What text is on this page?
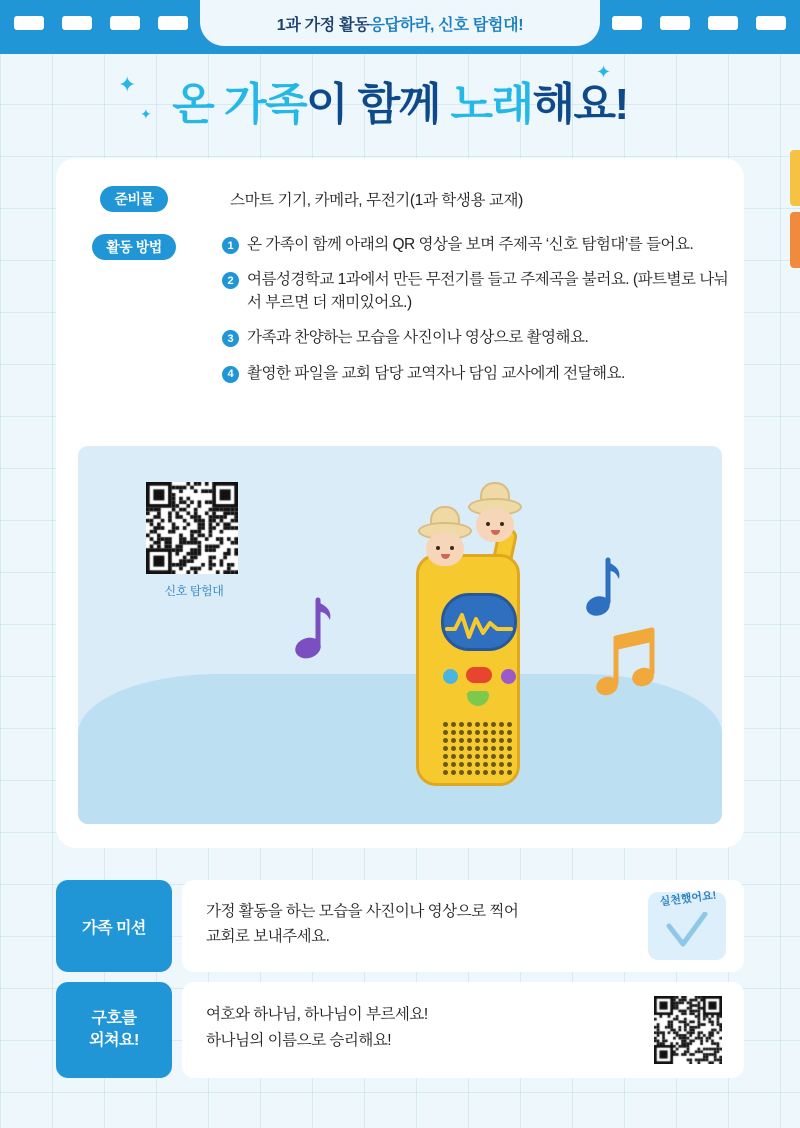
1과 가정 활동 응답하라, 신호 탐험대!
✦
✦
✦
온 가족이 함께 노래해요!
준비물	스마트 기기, 카메라, 무전기(1과 학생용 교재)
활동 방법	1 온 가족이 함께 아래의 QR 영상을 보며 주제곡 ‘신호 탐험대’를 들어요.
2 여름성경학교 1과에서 만든 무전기를 들고 주제곡을 불러요. (파트별로 나눠서 부르면 더 재미있어요.)
3 가족과 찬양하는 모습을 사진이나 영상으로 촬영해요.
4 촬영한 파일을 교회 담당 교역자나 담임 교사에게 전달해요.
신호 탐험대
가족 미션
가정 활동을 하는 모습을 사진이나 영상으로 찍어
교회로 보내주세요.
실천했어요!
구호를
외쳐요!
여호와 하나님, 하나님이 부르세요!
하나님의 이름으로 승리해요!
